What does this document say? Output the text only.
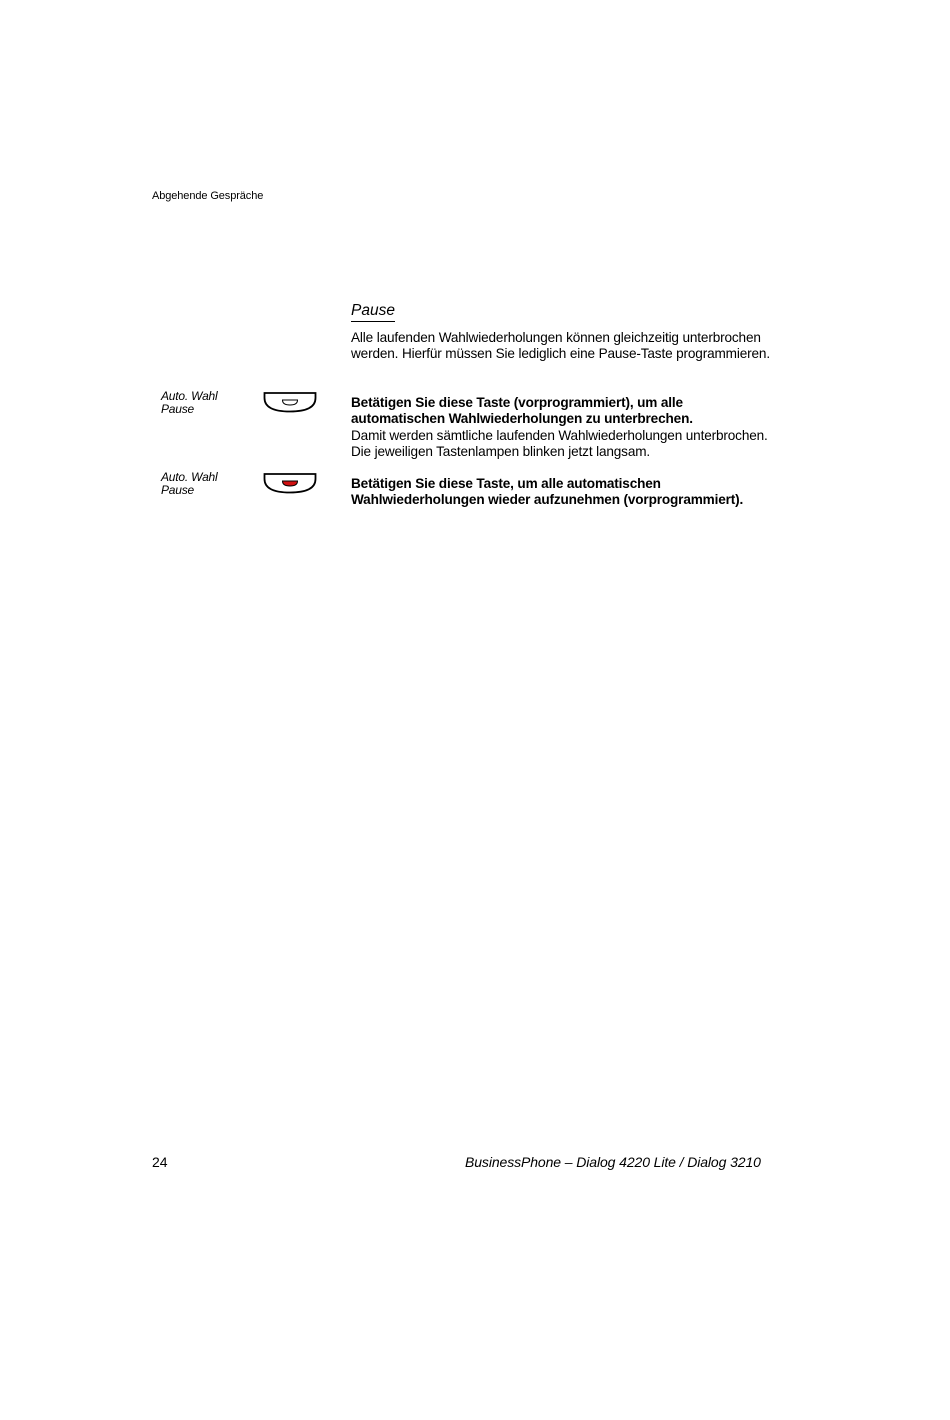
Abgehende Gespräche
Pause
Alle laufenden Wahlwiederholungen können gleichzeitig unterbrochen werden. Hierfür müssen Sie lediglich eine Pause-Taste programmieren.
Auto. Wahl
Pause	Betätigen Sie diese Taste (vorprogrammiert), um alle automatischen Wahlwiederholungen zu unterbrechen.
Damit werden sämtliche laufenden Wahlwiederholungen unterbrochen. Die jeweiligen Tastenlampen blinken jetzt langsam.
Auto. Wahl
Pause	Betätigen Sie diese Taste, um alle automatischen Wahlwiederholungen wieder aufzunehmen (vorprogrammiert).
24	BusinessPhone – Dialog 4220 Lite / Dialog 3210
